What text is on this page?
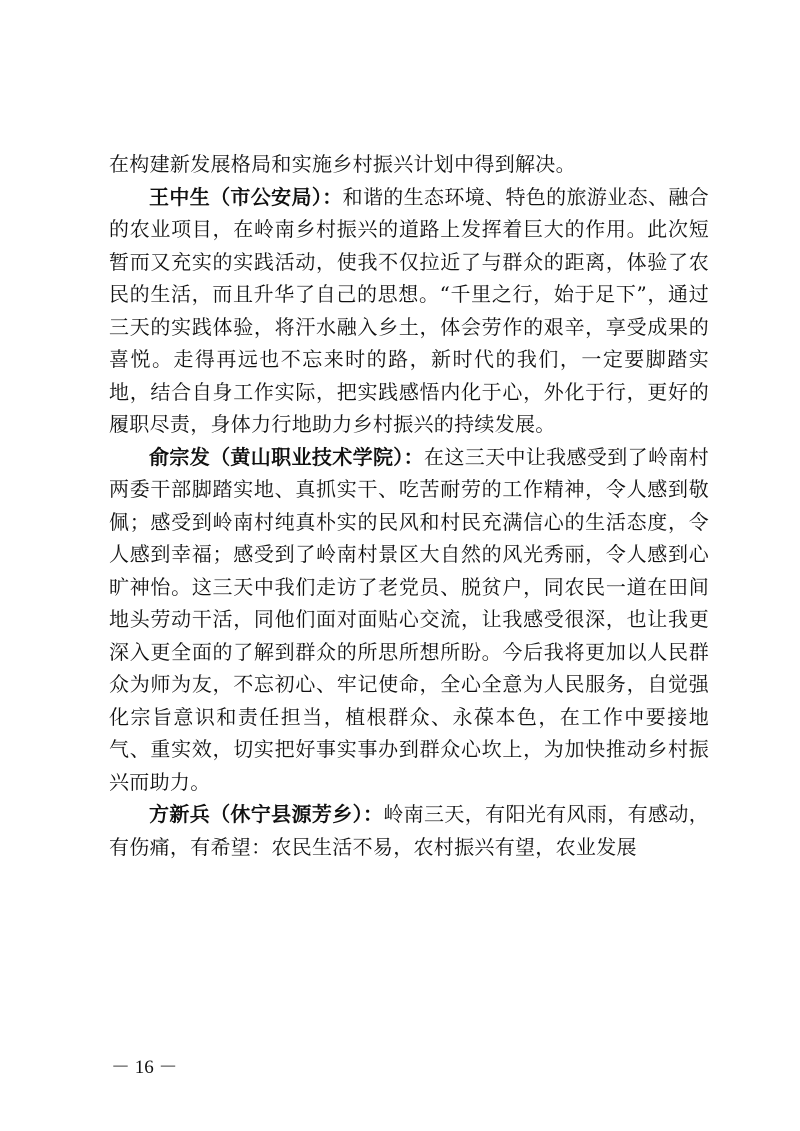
在构建新发展格局和实施乡村振兴计划中得到解决。

王中生（市公安局）：和谐的生态环境、特色的旅游业态、融合的农业项目，在岭南乡村振兴的道路上发挥着巨大的作用。此次短暂而又充实的实践活动，使我不仅拉近了与群众的距离，体验了农民的生活，而且升华了自己的思想。“千里之行，始于足下”，通过三天的实践体验，将汗水融入乡土，体会劳作的艰辛，享受成果的喜悦。走得再远也不忘来时的路，新时代的我们，一定要脚踏实地，结合自身工作实际，把实践感悟内化于心，外化于行，更好的履职尽责，身体力行地助力乡村振兴的持续发展。

俞宗发（黄山职业技术学院）：在这三天中让我感受到了岭南村两委干部脚踏实地、真抓实干、吃苦耐劳的工作精神，令人感到敬佩；感受到岭南村纯真朴实的民风和村民充满信心的生活态度，令人感到幸福；感受到了岭南村景区大自然的风光秀丽，令人感到心旷神怡。这三天中我们走访了老党员、脱贫户，同农民一道在田间地头劳动干活，同他们面对面贴心交流，让我感受很深，也让我更深入更全面的了解到群众的所思所想所盼。今后我将更加以人民群众为师为友，不忘初心、牢记使命，全心全意为人民服务，自觉强化宗旨意识和责任担当，植根群众、永葆本色，在工作中要接地气、重实效，切实把好事实事办到群众心坎上，为加快推动乡村振兴而助力。

方新兵（休宁县源芳乡）：岭南三天，有阳光有风雨，有感动，有伤痛，有希望：农民生活不易，农村振兴有望，农业发展

－ 16 －
